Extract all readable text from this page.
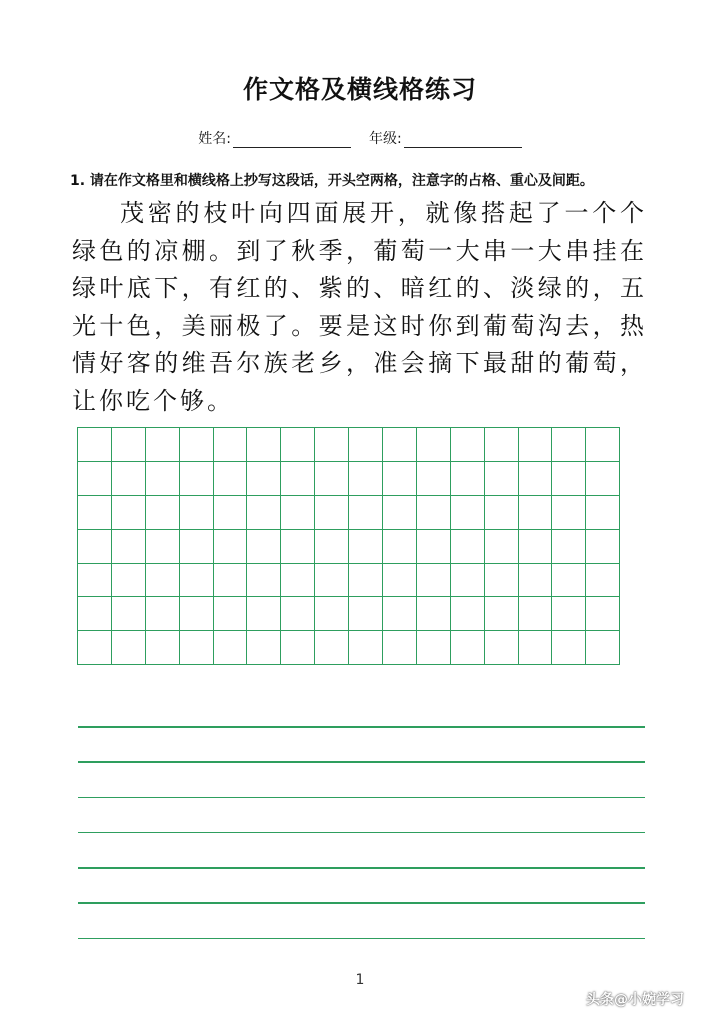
作文格及横线格练习
姓名:	年级:
1. 请在作文格里和横线格上抄写这段话，开头空两格，注意字的占格、重心及间距。
茂密的枝叶向四面展开，就像搭起了一个个绿色的凉棚。到了秋季，葡萄一大串一大串挂在绿叶底下，有红的、紫的、暗红的、淡绿的，五光十色，美丽极了。要是这时你到葡萄沟去，热情好客的维吾尔族老乡，准会摘下最甜的葡萄，让你吃个够。
1
头条@小婉学习
